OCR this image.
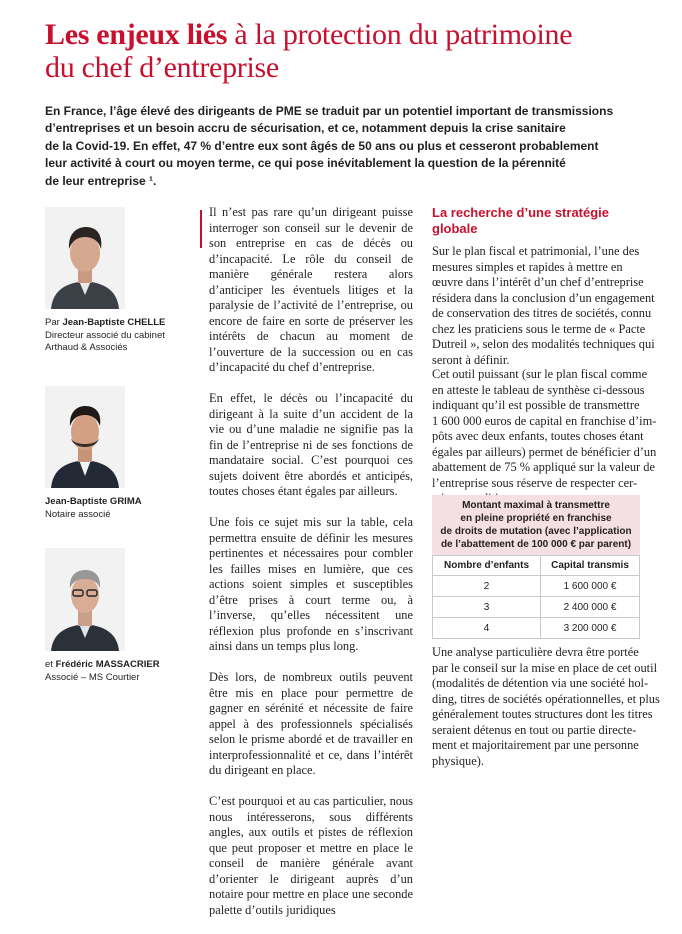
Les enjeux liés à la protection du patrimoine
du chef d’entreprise
En France, l’âge élevé des dirigeants de PME se traduit par un potentiel important de transmissions
d’entreprises et un besoin accru de sécurisation, et ce, notamment depuis la crise sanitaire
de la Covid-19. En effet, 47 % d’entre eux sont âgés de 50 ans ou plus et cesseront probablement
leur activité à court ou moyen terme, ce qui pose inévitablement la question de la pérennité
de leur entreprise ¹.
Par Jean-Baptiste CHELLE
Directeur associé du cabinet
Arthaud & Associés
Jean-Baptiste GRIMA
Notaire associé
et Frédéric MASSACRIER
Associé – MS Courtier

Il n’est pas rare qu’un dirigeant puisse interroger son conseil sur le devenir de son entreprise en cas de décès ou d’incapacité. Le rôle du conseil de manière générale restera alors d’anticiper les éventuels litiges et la paralysie de l’activité de l’entreprise, ou encore de faire en sorte de préserver les intérêts de chacun au moment de l’ouverture de la succession ou en cas d’incapacité du chef d’entreprise.

En effet, le décès ou l’incapacité du dirigeant à la suite d’un accident de la vie ou d’une maladie ne signifie pas la fin de l’entreprise ni de ses fonctions de mandataire social. C’est pourquoi ces sujets doivent être abordés et anticipés, toutes choses étant égales par ailleurs.

Une fois ce sujet mis sur la table, cela permettra ensuite de définir les mesures pertinentes et nécessaires pour combler les failles mises en lumière, que ces actions soient simples et susceptibles d’être prises à court terme ou, à l’inverse, qu’elles nécessitent une réflexion plus profonde en s’inscrivant ainsi dans un temps plus long.

Dès lors, de nombreux outils peuvent être mis en place pour permettre de gagner en sérénité et nécessite de faire appel à des professionnels spécialisés selon le prisme abordé et de travailler en interprofessionnalité et ce, dans l’intérêt du dirigeant en place.

C’est pourquoi et au cas particulier, nous nous intéresserons, sous différents angles, aux outils et pistes de réflexion que peut proposer et mettre en place le conseil de manière générale avant d’orienter le dirigeant auprès d’un notaire pour mettre en place une seconde palette d’outils juridiques

La recherche d’une stratégie
globale
Sur le plan fiscal et patrimonial, l’une des
mesures simples et rapides à mettre en
œuvre dans l’intérêt d’un chef d’entreprise
résidera dans la conclusion d’un engagement
de conservation des titres de sociétés, connu
chez les praticiens sous le terme de « Pacte
Dutreil », selon des modalités techniques qui
seront à définir.
Cet outil puissant (sur le plan fiscal comme
en atteste le tableau de synthèse ci-dessous
indiquant qu’il est possible de transmettre
1 600 000 euros de capital en franchise d’im-
pôts avec deux enfants, toutes choses étant
égales par ailleurs) permet de bénéficier d’un
abattement de 75 % appliqué sur la valeur de
l’entreprise sous réserve de respecter cer-
Montant maximal à transmettre
en pleine propriété en franchise
de droits de mutation (avec l’application
de l’abattement de 100 000 € par parent)
Nombre d’enfants	Capital transmis
2	1 600 000 €
3	2 400 000 €
4	3 200 000 €
Une analyse particulière devra être portée
par le conseil sur la mise en place de cet outil
(modalités de détention via une société hol-
ding, titres de sociétés opérationnelles, et plus
généralement toutes structures dont les titres
seraient détenus en tout ou partie directe-
ment et majoritairement par une personne
physique).
